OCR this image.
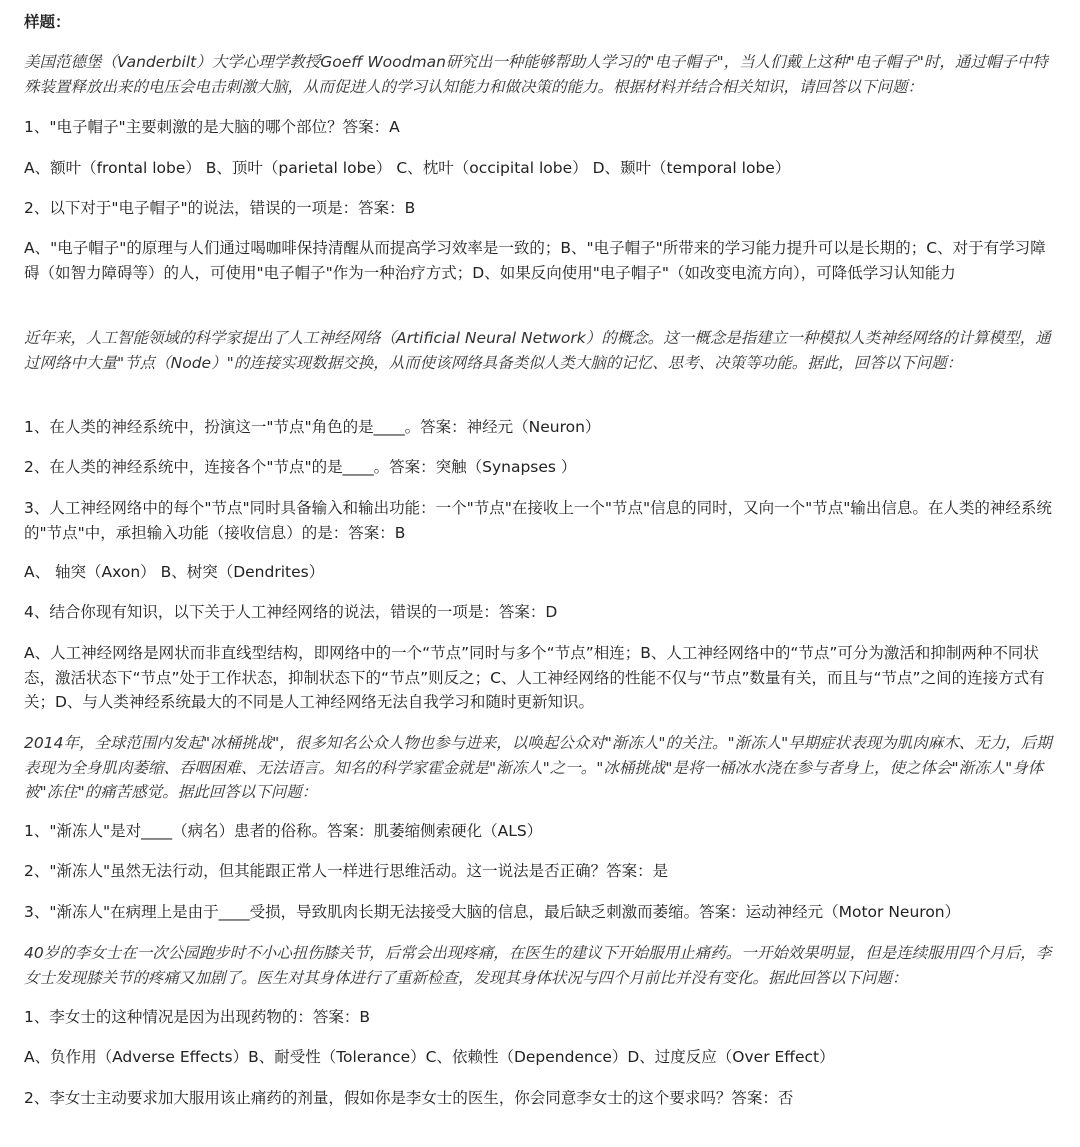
样题：

美国范德堡（Vanderbilt）大学心理学教授Goeff Woodman研究出一种能够帮助人学习的"电子帽子"，当人们戴上这种"电子帽子"时，通过帽子中特殊装置释放出来的电压会电击刺激大脑，从而促进人的学习认知能力和做决策的能力。根据材料并结合相关知识，请回答以下问题：

1、"电子帽子"主要刺激的是大脑的哪个部位？答案：A

A、额叶（frontal lobe） B、顶叶（parietal lobe） C、枕叶（occipital lobe） D、颞叶（temporal lobe）

2、以下对于"电子帽子"的说法，错误的一项是：答案：B

A、"电子帽子"的原理与人们通过喝咖啡保持清醒从而提高学习效率是一致的；B、"电子帽子"所带来的学习能力提升可以是长期的；C、对于有学习障碍（如智力障碍等）的人，可使用"电子帽子"作为一种治疗方式；D、如果反向使用"电子帽子"（如改变电流方向），可降低学习认知能力

近年来，人工智能领域的科学家提出了人工神经网络（Artificial Neural Network）的概念。这一概念是指建立一种模拟人类神经网络的计算模型，通过网络中大量"节点（Node）"的连接实现数据交换，从而使该网络具备类似人类大脑的记忆、思考、决策等功能。据此，回答以下问题：

1、在人类的神经系统中，扮演这一"节点"角色的是____。答案：神经元（Neuron）

2、在人类的神经系统中，连接各个"节点"的是____。答案：突触（Synapses ）

3、人工神经网络中的每个"节点"同时具备输入和输出功能：一个"节点"在接收上一个"节点"信息的同时，又向一个"节点"输出信息。在人类的神经系统的"节点"中，承担输入功能（接收信息）的是：答案：B

A、 轴突（Axon） B、树突（Dendrites）

4、结合你现有知识，以下关于人工神经网络的说法，错误的一项是：答案：D

A、人工神经网络是网状而非直线型结构，即网络中的一个“节点”同时与多个“节点”相连；B、人工神经网络中的“节点”可分为激活和抑制两种不同状态，激活状态下“节点”处于工作状态，抑制状态下的“节点”则反之；C、人工神经网络的性能不仅与“节点”数量有关，而且与“节点”之间的连接方式有关；D、与人类神经系统最大的不同是人工神经网络无法自我学习和随时更新知识。

2014年，全球范围内发起"冰桶挑战"，很多知名公众人物也参与进来，以唤起公众对"渐冻人"的关注。"渐冻人"早期症状表现为肌肉麻木、无力，后期表现为全身肌肉萎缩、吞咽困难、无法语言。知名的科学家霍金就是"渐冻人"之一。"冰桶挑战"是将一桶冰水浇在参与者身上，使之体会"渐冻人"身体被"冻住"的痛苦感觉。据此回答以下问题：

1、"渐冻人"是对____（病名）患者的俗称。答案：肌萎缩侧索硬化（ALS）

2、"渐冻人"虽然无法行动，但其能跟正常人一样进行思维活动。这一说法是否正确？答案：是

3、"渐冻人"在病理上是由于____受损，导致肌肉长期无法接受大脑的信息，最后缺乏刺激而萎缩。答案：运动神经元（Motor Neuron）

40岁的李女士在一次公园跑步时不小心扭伤膝关节，后常会出现疼痛，在医生的建议下开始服用止痛药。一开始效果明显，但是连续服用四个月后，李女士发现膝关节的疼痛又加剧了。医生对其身体进行了重新检查，发现其身体状况与四个月前比并没有变化。据此回答以下问题：

1、李女士的这种情况是因为出现药物的：答案：B

A、负作用（Adverse Effects）B、耐受性（Tolerance）C、依赖性（Dependence）D、过度反应（Over Effect）

2、李女士主动要求加大服用该止痛药的剂量，假如你是李女士的医生，你会同意李女士的这个要求吗？答案：否
